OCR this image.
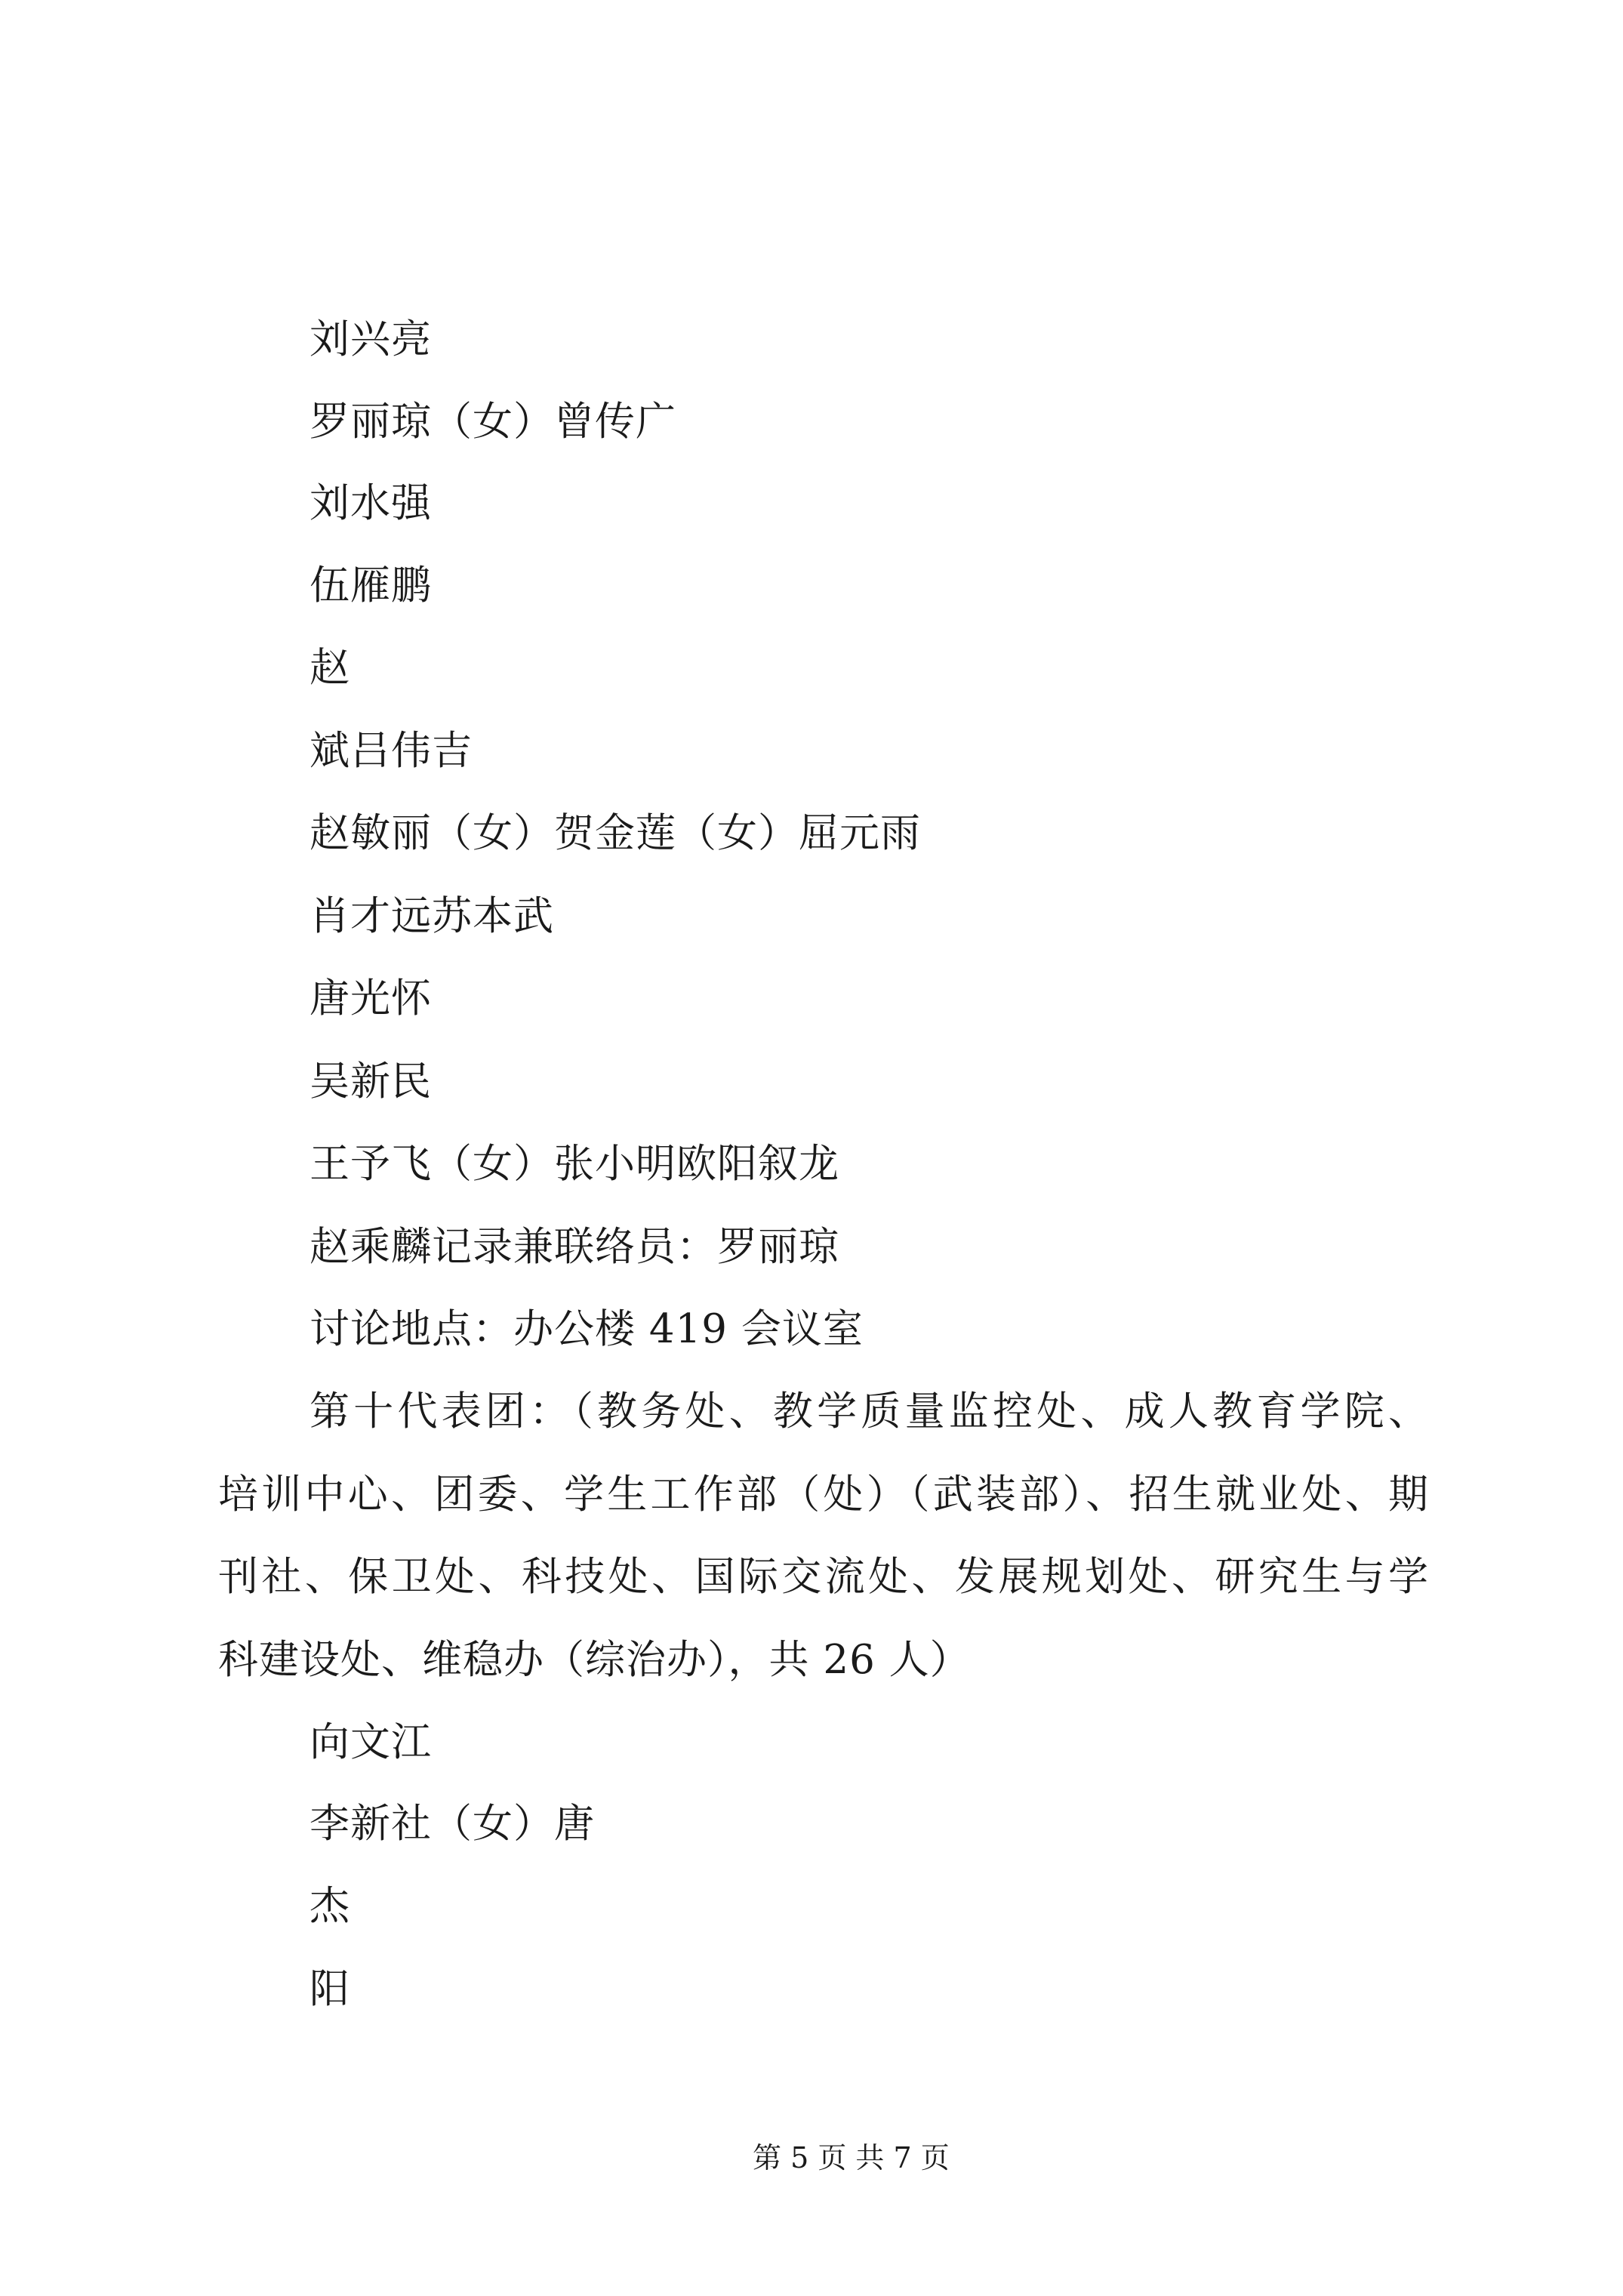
刘兴亮
罗丽琼（女）曾传广
刘水强
伍雁鹏
赵
斌吕伟吉
赵敏丽（女）贺金莲（女）屈元雨
肖才远苏本武
唐光怀
吴新民
王予飞（女）张小明欧阳叙龙
赵乘麟记录兼联络员：罗丽琼
讨论地点：办公楼 419 会议室
第十代表团：（教务处、教学质量监控处、成人教育学院、
培训中心、团委、学生工作部（处）（武装部）、招生就业处、期
刊社、保卫处、科技处、国际交流处、发展规划处、研究生与学
科建设处、维稳办（综治办），共 26 人）
向文江
李新社（女）唐
杰
阳
第 5 页 共 7 页
